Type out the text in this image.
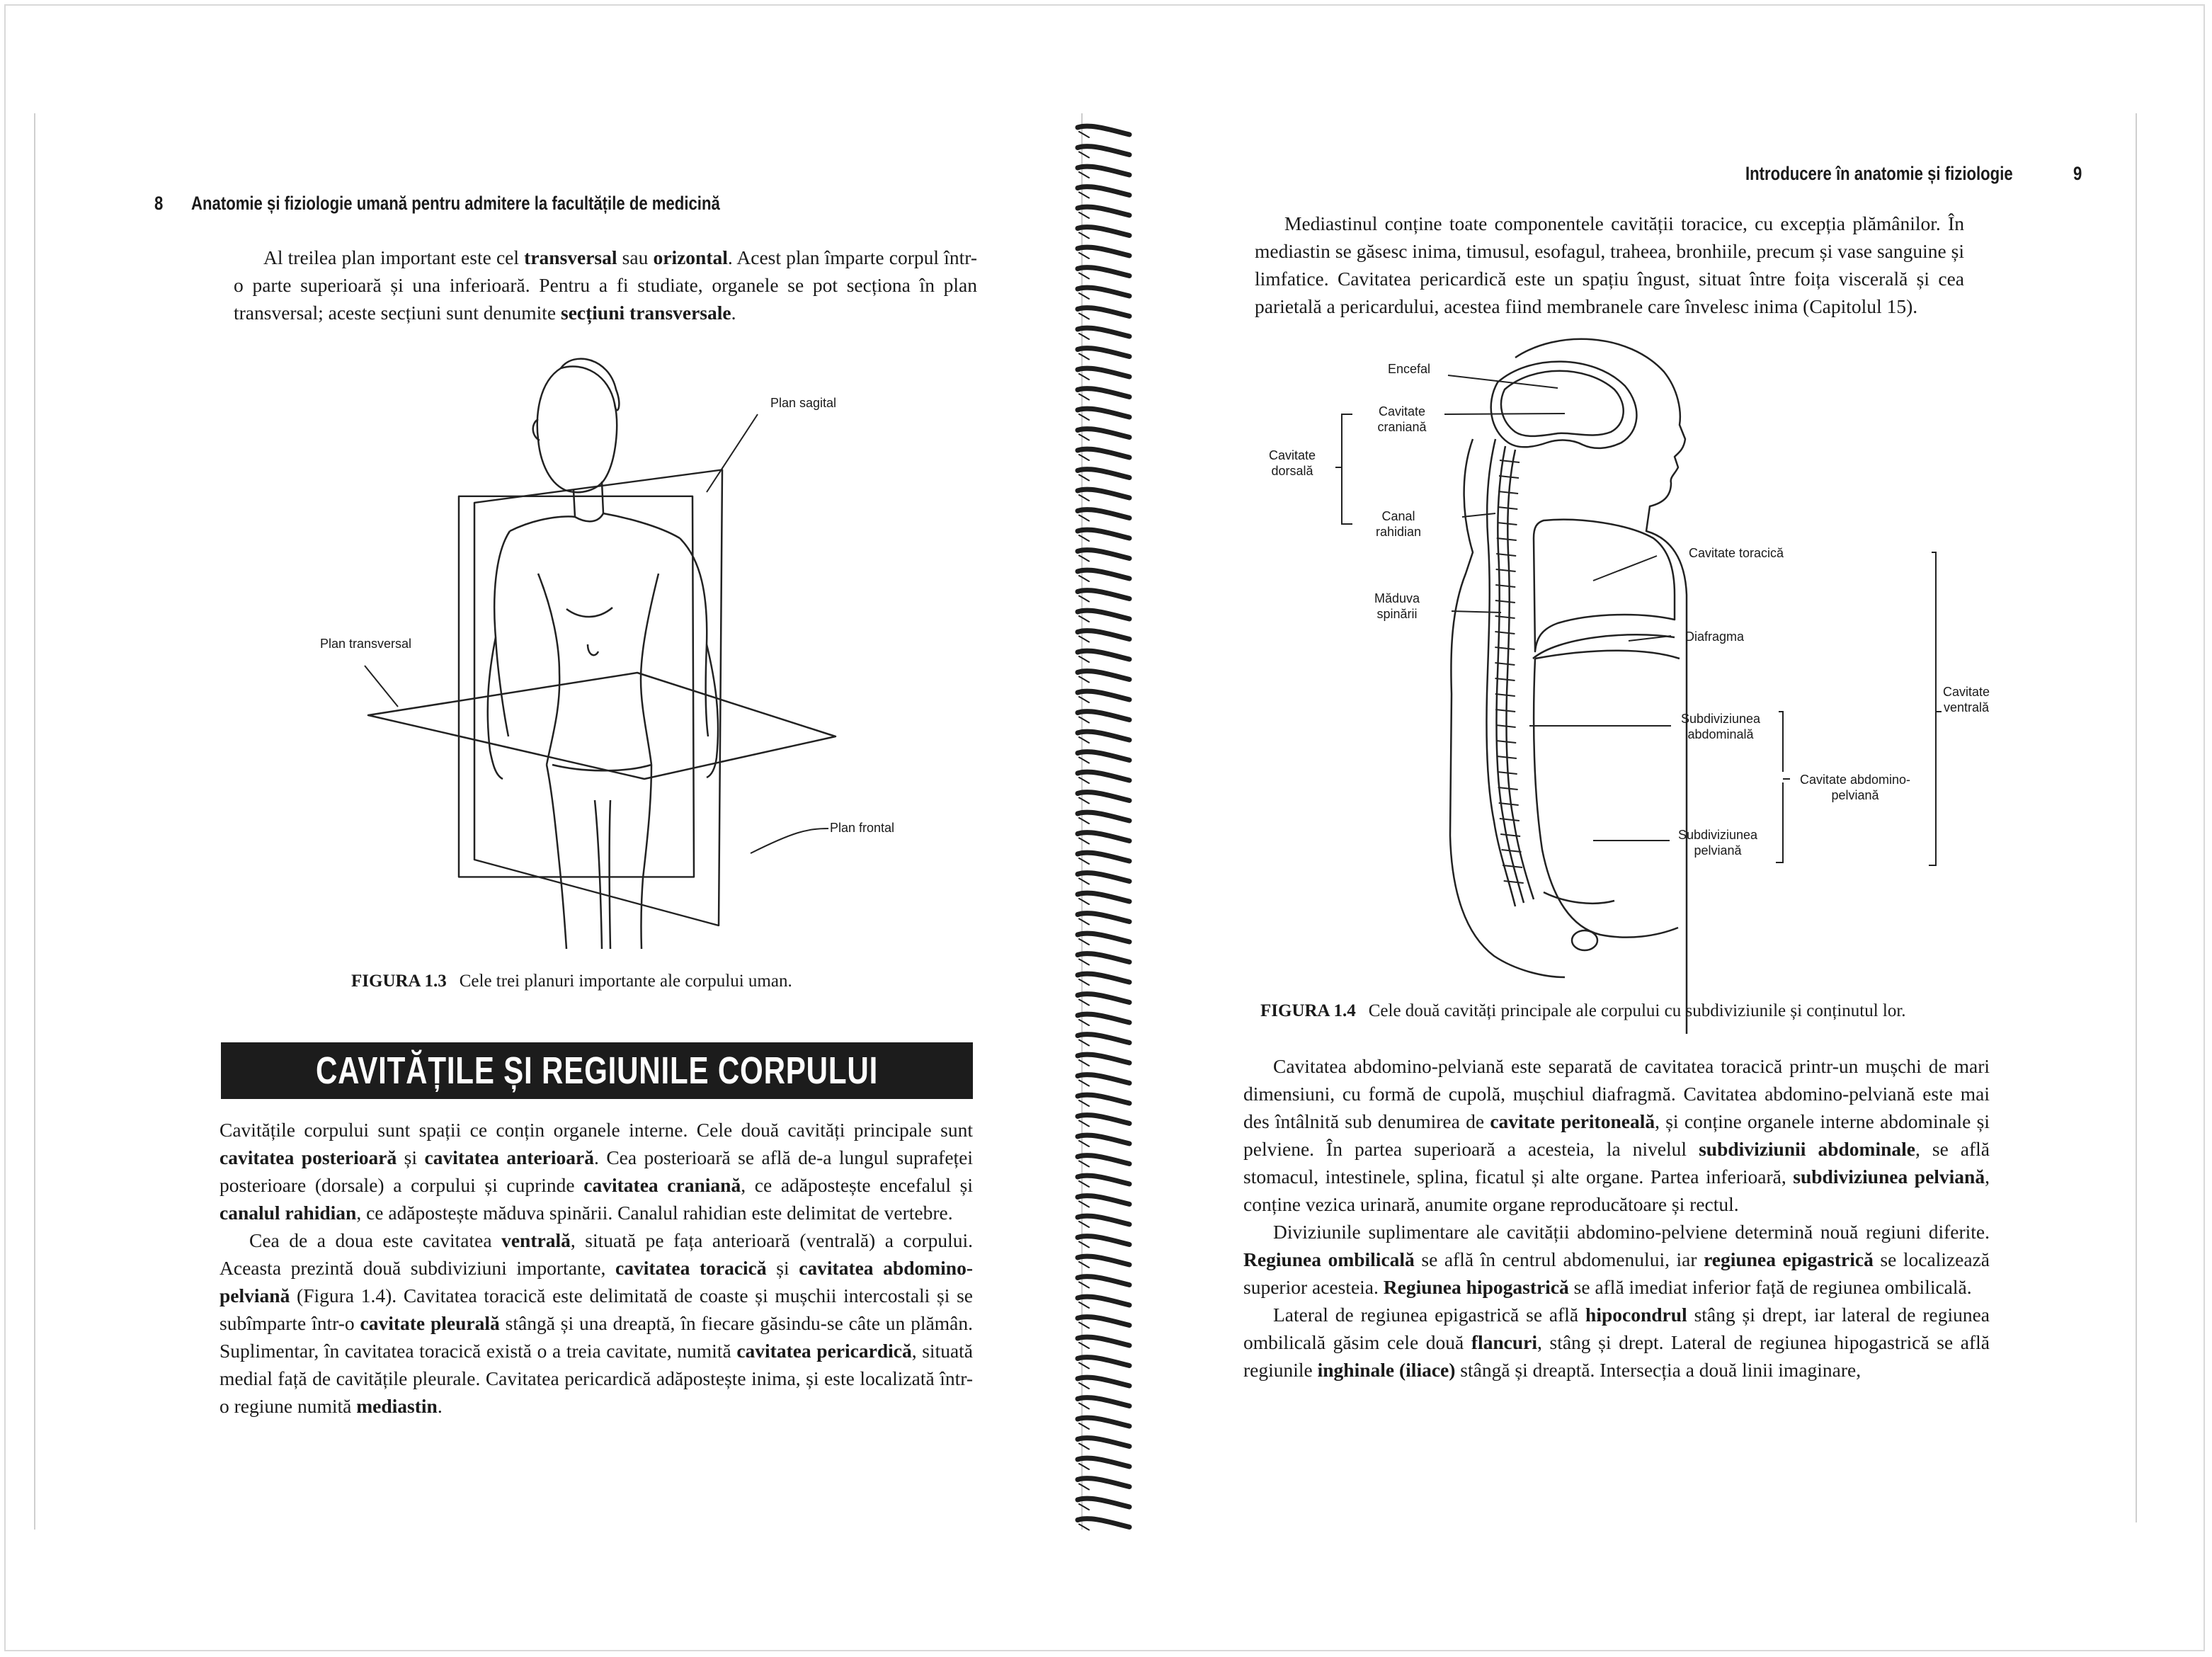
8 Anatomie și fiziologie umană pentru admitere la facultățile de medicină

Al treilea plan important este cel transversal sau orizontal. Acest plan împarte corpul într-o parte superioară și una inferioară. Pentru a fi studiate, organele se pot secționa în plan transversal; aceste secțiuni sunt denumite secțiuni transversale.

Plan sagital
Plan transversal
Plan frontal
FIGURA 1.3 Cele trei planuri importante ale corpului uman.
CAVITĂȚILE ȘI REGIUNILE CORPULUI

Cavitățile corpului sunt spații ce conțin organele interne. Cele două cavități principale sunt cavitatea posterioară și cavitatea anterioară. Cea posterioară se află de-a lungul suprafeței posterioare (dorsale) a corpului și cuprinde cavitatea craniană, ce adăpostește encefalul și canalul rahidian, ce adăpostește măduva spinării. Canalul rahidian este delimitat de vertebre.

Cea de a doua este cavitatea ventrală, situată pe fața anterioară (ventrală) a corpului. Aceasta prezintă două subdiviziuni importante, cavitatea toracică și cavitatea abdomino-pelviană (Figura 1.4). Cavitatea toracică este delimitată de coaste și mușchii intercostali și se subîmparte într-o cavitate pleurală stângă și una dreaptă, în fiecare găsindu-se câte un plămân. Suplimentar, în cavitatea toracică există o a treia cavitate, numită cavitatea pericardică, situată medial față de cavitățile pleurale. Cavitatea pericardică adăpostește inima, și este localizată într-o regiune numită mediastin.

Introducere în anatomie și fiziologie	9

Mediastinul conține toate componentele cavității toracice, cu excepția plămânilor. În mediastin se găsesc inima, timusul, esofagul, traheea, bronhiile, precum și vase sanguine și limfatice. Cavitatea pericardică este un spațiu îngust, situat între foița viscerală și cea parietală a pericardului, acestea fiind membranele care învelesc inima (Capitolul 15).

Encefal
Cavitate craniană
Cavitate dorsală
Canal rahidian
Măduva spinării
Cavitate toracică
Diafragma
Subdiviziunea abdominală
Cavitate abdomino-pelviană
Subdiviziunea pelviană
Cavitate ventrală
FIGURA 1.4 Cele două cavități principale ale corpului cu subdiviziunile și conținutul lor.

Cavitatea abdomino-pelviană este separată de cavitatea toracică printr-un mușchi de mari dimensiuni, cu formă de cupolă, mușchiul diafragmă. Cavitatea abdomino-pelviană este mai des întâlnită sub denumirea de cavitate peritoneală, și conține organele interne abdominale și pelviene. În partea superioară a acesteia, la nivelul subdiviziunii abdominale, se află stomacul, intestinele, splina, ficatul și alte organe. Partea inferioară, subdiviziunea pelviană, conține vezica urinară, anumite organe reproducătoare și rectul.

Diviziunile suplimentare ale cavității abdomino-pelviene determină nouă regiuni diferite. Regiunea ombilicală se află în centrul abdomenului, iar regiunea epigastrică se localizează superior acesteia. Regiunea hipogastrică se află imediat inferior față de regiunea ombilicală.

Lateral de regiunea epigastrică se află hipocondrul stâng și drept, iar lateral de regiunea ombilicală găsim cele două flancuri, stâng și drept. Lateral de regiunea hipogastrică se află regiunile inghinale (iliace) stângă și dreaptă. Intersecția a două linii imaginare,
